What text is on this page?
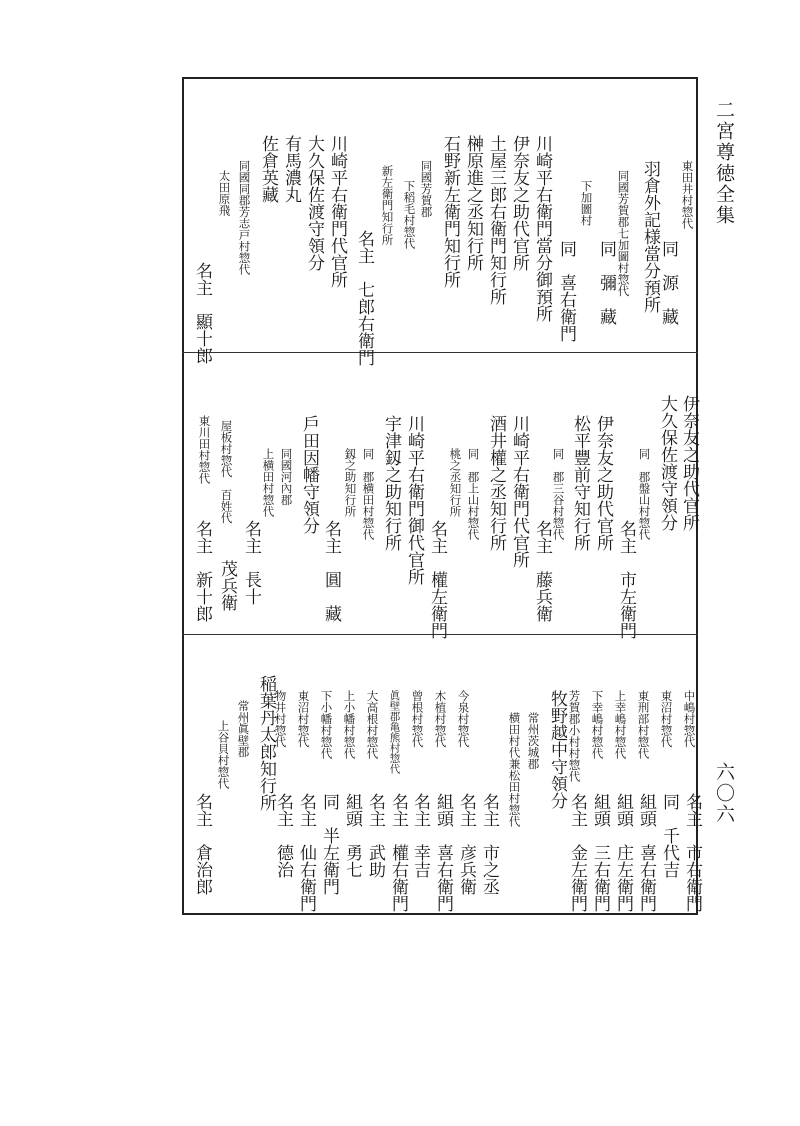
二宮尊徳全集
六〇六
東田井村惣代
同　源　藏
羽倉外記様當分預所
同國芳賀郡七加圖村惣代
同　彌　藏
下加圖村
同　喜右衛門
川崎平右衛門當分御預所
伊奈友之助代官所
土屋三郎右衛門知行所
榊原進之丞知行所
石野新左衛門知行所
同國芳賀郡
下稻毛村惣代
名主　七郎右衛門
新左衛門知行所
川崎平右衛門代官所
大久保佐渡守領分
有馬濃丸
佐倉英藏
同國同郡芳志戸村惣代
太田原飛
名主　顯十郎
伊奈友之助代官所
大久保佐渡守領分
同　郡盤山村惣代
名主　市左衛門
伊奈友之助代官所
松平豐前守知行所
同　郡三谷村惣代
名主　藤兵衛
川崎平右衛門代官所
酒井權之丞知行所
同　郡上山村惣代
桃之丞知行所
名主　權左衛門
川崎平右衛門御代官所
宇津釼之助知行所
同　郡横田村惣代
釼之助知行所
名主　圓　藏
戶田因幡守領分
同國河內郡
上横田村惣代
名主　長十
屋板村惣代　百姓代
茂兵衛
東川田村惣代
名主　新十郎
中嶋村惣代
名主　市右衛門
東沼村惣代
同　千代吉
東刑部村惣代
組頭　喜右衛門
上幸嶋村惣代
組頭　庄左衛門
下幸嶋村惣代
組頭　三右衛門
芳賀郡小村村惣代
名主　金左衛門
牧野越中守領分
常州茨城郡
横田村代兼松田村惣代
名主　市之丞
今泉村惣代
名主　彦兵衛
木植村惣代
組頭　喜右衛門
曾根村惣代
名主　幸吉
眞壁郡亀熊村惣代
名主　權右衛門
大高根村惣代
名主　武助
上小幡村惣代
組頭　勇七
下小幡村惣代
同　半左衛門
東沼村惣代
名主　仙右衛門
物井村惣代
名主　德治
稲葉丹太郎知行所
常州眞壁郡
上谷貝村惣代
名主　倉治郎
